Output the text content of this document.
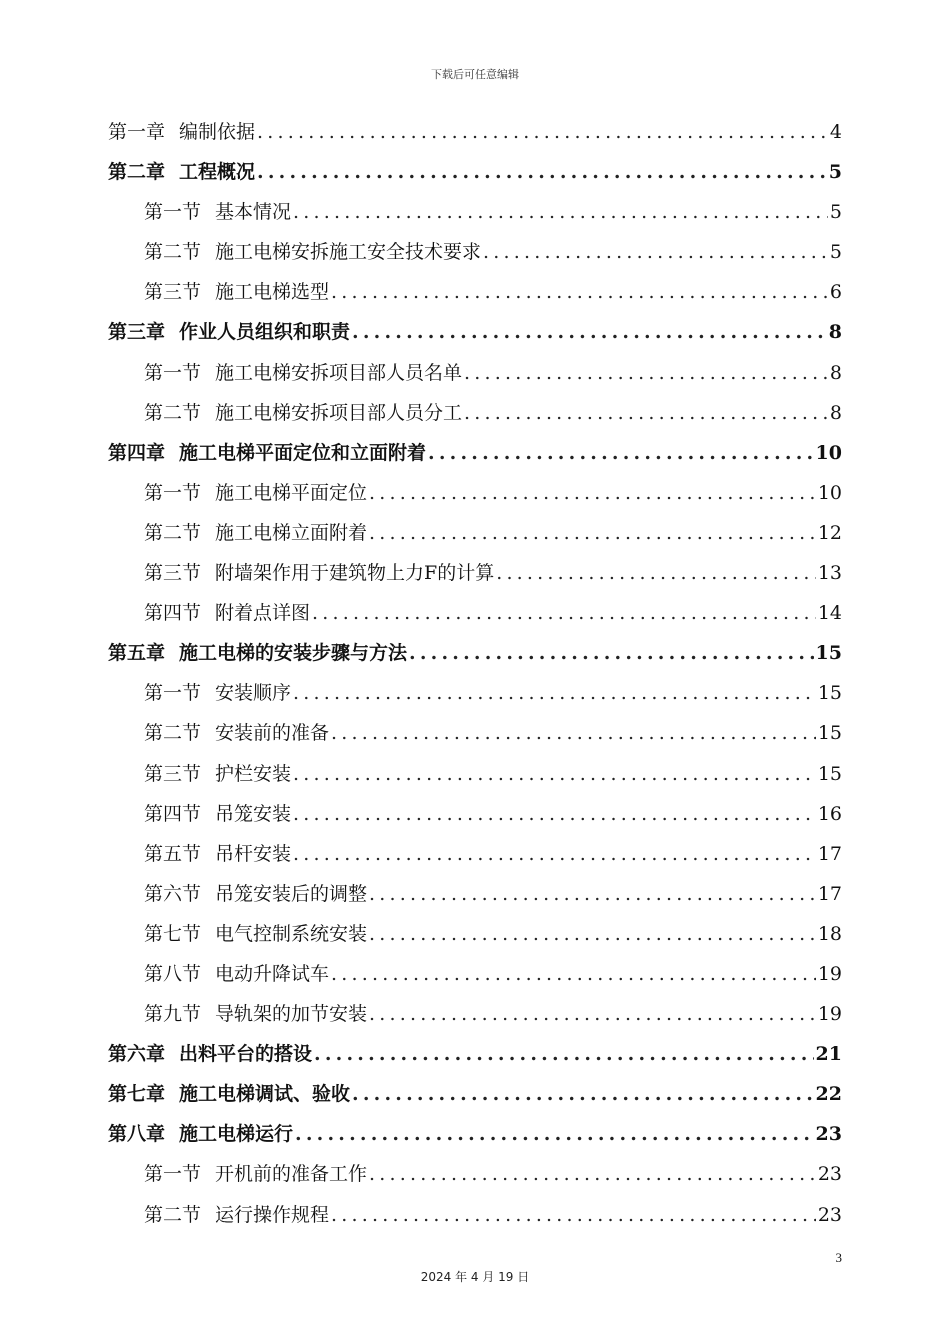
下载后可任意编辑
第一章 编制依据 .....	4
第二章 工程概况 .....	5
第一节 基本情况 .....	5
第二节 施工电梯安拆施工安全技术要求 .....	5
第三节 施工电梯选型 .....	6
第三章 作业人员组织和职责 .....	8
第一节 施工电梯安拆项目部人员名单 .....	8
第二节 施工电梯安拆项目部人员分工 .....	8
第四章 施工电梯平面定位和立面附着 .....	10
第一节 施工电梯平面定位 .....	10
第二节 施工电梯立面附着 .....	12
第三节 附墙架作用于建筑物上力F的计算 .....	13
第四节 附着点详图 .....	14
第五章 施工电梯的安装步骤与方法 .....	15
第一节 安装顺序 .....	15
第二节 安装前的准备 .....	15
第三节 护栏安装 .....	15
第四节 吊笼安装 .....	16
第五节 吊杆安装 .....	17
第六节 吊笼安装后的调整 .....	17
第七节 电气控制系统安装 .....	18
第八节 电动升降试车 .....	19
第九节 导轨架的加节安装 .....	19
第六章 出料平台的搭设 .....	21
第七章 施工电梯调试、验收 .....	22
第八章 施工电梯运行 .....	23
第一节 开机前的准备工作 .....	23
第二节 运行操作规程 .....	23
3
2024 年 4 月 19 日
